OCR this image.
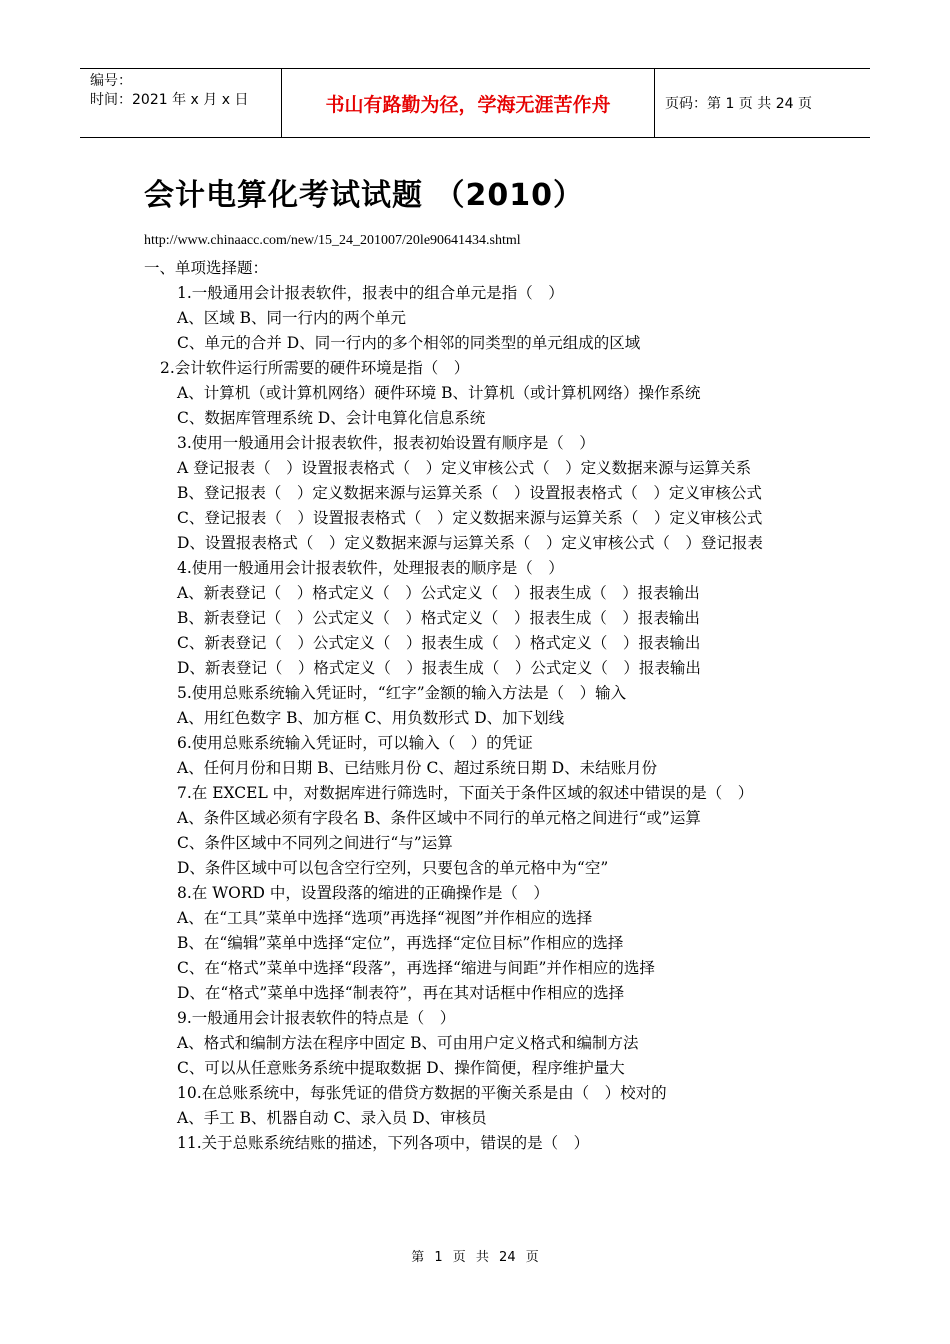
编号：
时间：2021 年 x 月 x 日	书山有路勤为径，学海无涯苦作舟	页码：第 1 页 共 24 页
会计电算化考试试题 （2010）
http://www.chinaacc.com/new/15_24_201007/20le90641434.shtml

一、单项选择题：

1.一般通用会计报表软件，报表中的组合单元是指（　）

A、区域 B、同一行内的两个单元

C、单元的合并 D、同一行内的多个相邻的同类型的单元组成的区域

2.会计软件运行所需要的硬件环境是指（　）

A、计算机（或计算机网络）硬件环境 B、计算机（或计算机网络）操作系统

C、数据库管理系统 D、会计电算化信息系统

3.使用一般通用会计报表软件，报表初始设置有顺序是（　）

A 登记报表（　）设置报表格式（　）定义审核公式（　）定义数据来源与运算关系

B、登记报表（　）定义数据来源与运算关系（　）设置报表格式（　）定义审核公式

C、登记报表（　）设置报表格式（　）定义数据来源与运算关系（　）定义审核公式

D、设置报表格式（　）定义数据来源与运算关系（　）定义审核公式（　）登记报表

4.使用一般通用会计报表软件，处理报表的顺序是（　）

A、新表登记（　）格式定义（　）公式定义（　）报表生成（　）报表输出

B、新表登记（　）公式定义（　）格式定义（　）报表生成（　）报表输出

C、新表登记（　）公式定义（　）报表生成（　）格式定义（　）报表输出

D、新表登记（　）格式定义（　）报表生成（　）公式定义（　）报表输出

5.使用总账系统输入凭证时，“红字”金额的输入方法是（　）输入

A、用红色数字 B、加方框 C、用负数形式 D、加下划线

6.使用总账系统输入凭证时，可以输入（　）的凭证

A、任何月份和日期 B、已结账月份 C、超过系统日期 D、未结账月份

7.在 EXCEL 中，对数据库进行筛选时，下面关于条件区域的叙述中错误的是（　）

A、条件区域必须有字段名 B、条件区域中不同行的单元格之间进行“或”运算

C、条件区域中不同列之间进行“与”运算

D、条件区域中可以包含空行空列，只要包含的单元格中为“空”

8.在 WORD 中，设置段落的缩进的正确操作是（　）

A、在“工具”菜单中选择“选项”再选择“视图”并作相应的选择

B、在“编辑”菜单中选择“定位”，再选择“定位目标”作相应的选择

C、在“格式”菜单中选择“段落”，再选择“缩进与间距”并作相应的选择

D、在“格式”菜单中选择“制表符”，再在其对话框中作相应的选择

9.一般通用会计报表软件的特点是（　）

A、格式和编制方法在程序中固定 B、可由用户定义格式和编制方法

C、可以从任意账务系统中提取数据 D、操作简便，程序维护量大

10.在总账系统中，每张凭证的借贷方数据的平衡关系是由（　）校对的

A、手工 B、机器自动 C、录入员 D、审核员

11.关于总账系统结账的描述，下列各项中，错误的是（　）

第 1 页 共 24 页
